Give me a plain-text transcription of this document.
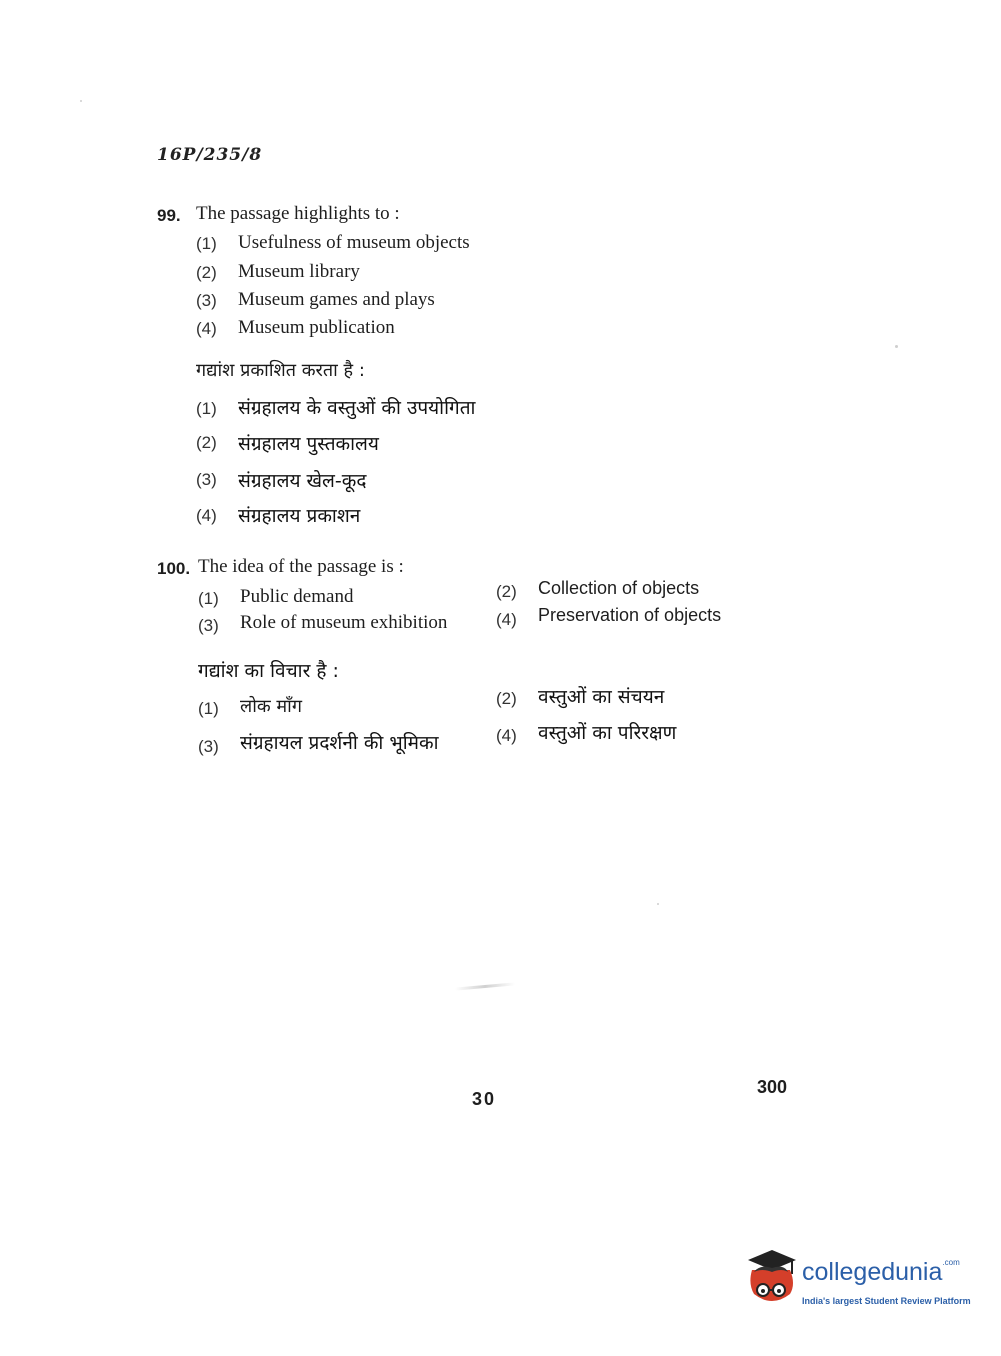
16P/235/8
99. The passage highlights to :
(1) Usefulness of museum objects
(2) Museum library
(3) Museum games and plays
(4) Museum publication
गद्यांश प्रकाशित करता है :
(1) संग्रहालय के वस्तुओं की उपयोगिता
(2) संग्रहालय पुस्तकालय
(3) संग्रहालय खेल-कूद
(4) संग्रहालय प्रकाशन
100. The idea of the passage is :
(1) Public demand	(2) Collection of objects
(3) Role of museum exhibition	(4) Preservation of objects
गद्यांश का विचार है :
(1) लोक माँग	(2) वस्तुओं का संचयन
(3) संग्रहायल प्रदर्शनी की भूमिका	(4) वस्तुओं का परिरक्षण
30
300
collegedunia$^{.com}$
India's largest Student Review Platform
